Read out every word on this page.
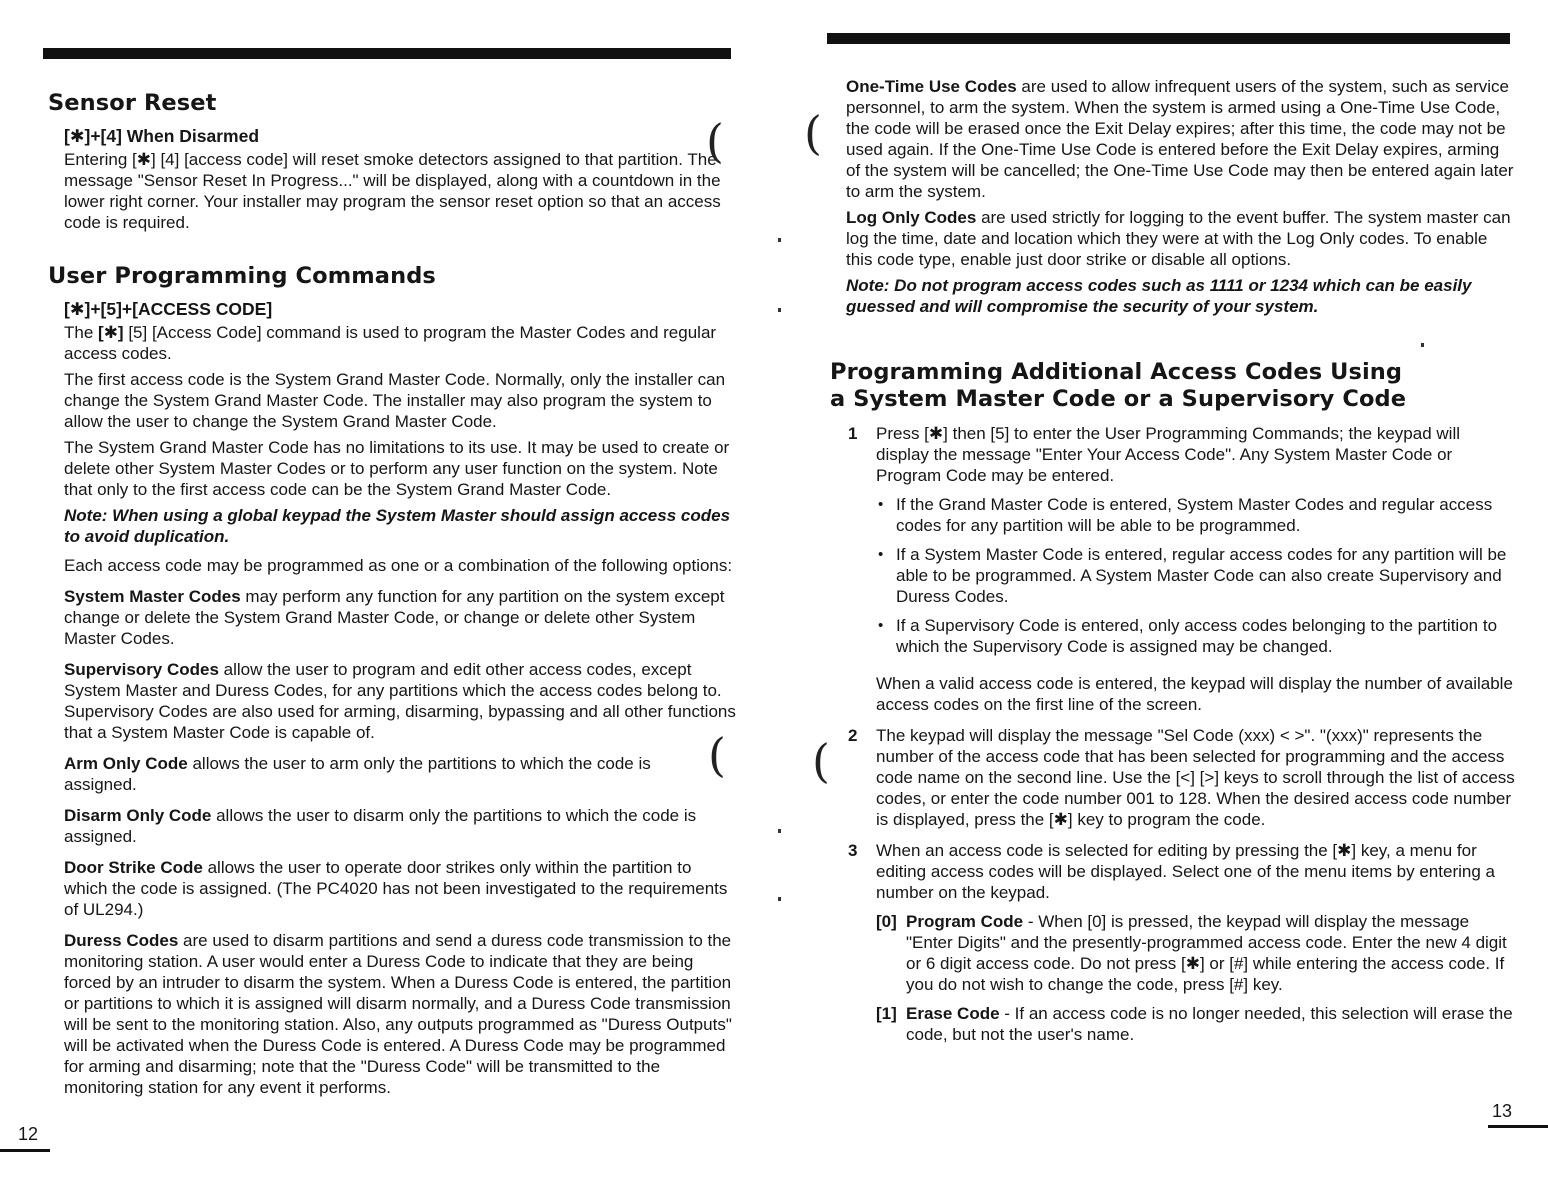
Sensor Reset
[✱]+[4] When Disarmed

Entering [✱] [4] [access code] will reset smoke detectors assigned to that partition. The message "Sensor Reset In Progress..." will be displayed, along with a countdown in the lower right corner. Your installer may program the sensor reset option so that an access code is required.

User Programming Commands
[✱]+[5]+[ACCESS CODE]

The [✱] [5] [Access Code] command is used to program the Master Codes and regular access codes.

The first access code is the System Grand Master Code. Normally, only the installer can change the System Grand Master Code. The installer may also program the system to allow the user to change the System Grand Master Code.

The System Grand Master Code has no limitations to its use. It may be used to create or delete other System Master Codes or to perform any user function on the system. Note that only to the first access code can be the System Grand Master Code.

Note: When using a global keypad the System Master should assign access codes to avoid duplication.

Each access code may be programmed as one or a combination of the following options:

System Master Codes may perform any function for any partition on the system except change or delete the System Grand Master Code, or change or delete other System Master Codes.

Supervisory Codes allow the user to program and edit other access codes, except System Master and Duress Codes, for any partitions which the access codes belong to. Supervisory Codes are also used for arming, disarming, bypassing and all other functions that a System Master Code is capable of.

Arm Only Code allows the user to arm only the partitions to which the code is assigned.

Disarm Only Code allows the user to disarm only the partitions to which the code is assigned.

Door Strike Code allows the user to operate door strikes only within the partition to which the code is assigned. (The PC4020 has not been investigated to the requirements of UL294.)

Duress Codes are used to disarm partitions and send a duress code transmission to the monitoring station. A user would enter a Duress Code to indicate that they are being forced by an intruder to disarm the system. When a Duress Code is entered, the partition or partitions to which it is assigned will disarm normally, and a Duress Code transmission will be sent to the monitoring station. Also, any outputs programmed as "Duress Outputs" will be activated when the Duress Code is entered. A Duress Code may be programmed for arming and disarming; note that the "Duress Code" will be transmitted to the monitoring station for any event it performs.

(
(
12
(
(

One-Time Use Codes are used to allow infrequent users of the system, such as service personnel, to arm the system. When the system is armed using a One-Time Use Code, the code will be erased once the Exit Delay expires; after this time, the code may not be used again. If the One-Time Use Code is entered before the Exit Delay expires, arming of the system will be cancelled; the One-Time Use Code may then be entered again later to arm the system.

Log Only Codes are used strictly for logging to the event buffer. The system master can log the time, date and location which they were at with the Log Only codes. To enable this code type, enable just door strike or disable all options.

Note: Do not program access codes such as 1111 or 1234 which can be easily guessed and will compromise the security of your system.

Programming Additional Access Codes Using
a System Master Code or a Supervisory Code
1	Press [✱] then [5] to enter the User Programming Commands; the keypad will display the message "Enter Your Access Code". Any System Master Code or Program Code may be entered.

• If the Grand Master Code is entered, System Master Codes and regular access codes for any partition will be able to be programmed.

• If a System Master Code is entered, regular access codes for any partition will be able to be programmed. A System Master Code can also create Supervisory and Duress Codes.

• If a Supervisory Code is entered, only access codes belonging to the partition to which the Supervisory Code is assigned may be changed.

When a valid access code is entered, the keypad will display the number of available access codes on the first line of the screen.

2	The keypad will display the message "Sel Code (xxx) < >". "(xxx)" represents the number of the access code that has been selected for programming and the access code name on the second line. Use the [<] [>] keys to scroll through the list of access codes, or enter the code number 001 to 128. When the desired access code number is displayed, press the [✱] key to program the code.

3	When an access code is selected for editing by pressing the [✱] key, a menu for editing access codes will be displayed. Select one of the menu items by entering a number on the keypad.

[0] Program Code - When [0] is pressed, the keypad will display the message "Enter Digits" and the presently-programmed access code. Enter the new 4 digit or 6 digit access code. Do not press [✱] or [#] while entering the access code. If you do not wish to change the code, press [#] key.

[1] Erase Code - If an access code is no longer needed, this selection will erase the code, but not the user's name.

13
